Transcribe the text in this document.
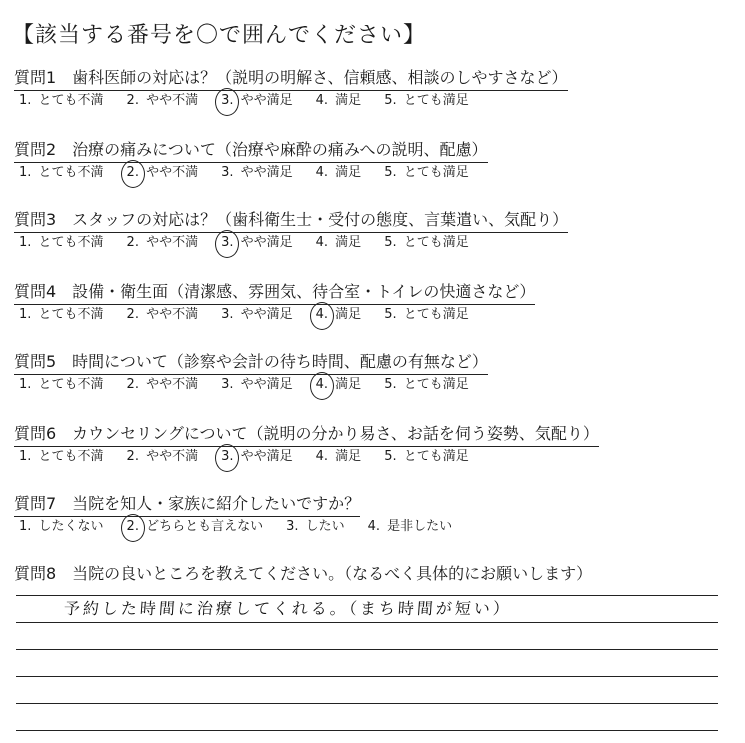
【該当する番号を〇で囲んでください】
質問1　歯科医師の対応は？（説明の明解さ、信頼感、相談のしやすさなど）
1. とても不満	2. やや不満	3. やや満足	4. 満足	5. とても満足
質問2　治療の痛みについて（治療や麻酔の痛みへの説明、配慮）
1. とても不満	2. やや不満	3. やや満足	4. 満足	5. とても満足
質問3　スタッフの対応は？（歯科衛生士・受付の態度、言葉遣い、気配り）
1. とても不満	2. やや不満	3. やや満足	4. 満足	5. とても満足
質問4　設備・衛生面（清潔感、雰囲気、待合室・トイレの快適さなど）
1. とても不満	2. やや不満	3. やや満足	4. 満足	5. とても満足
質問5　時間について（診察や会計の待ち時間、配慮の有無など）
1. とても不満	2. やや不満	3. やや満足	4. 満足	5. とても満足
質問6　カウンセリングについて（説明の分かり易さ、お話を伺う姿勢、気配り）
1. とても不満	2. やや不満	3. やや満足	4. 満足	5. とても満足
質問7　当院を知人・家族に紹介したいですか？
1. したくない	2. どちらとも言えない	3. したい	4. 是非したい
質問8　当院の良いところを教えてください。（なるべく具体的にお願いします）
予約した時間に治療してくれる。（まち時間が短い）
